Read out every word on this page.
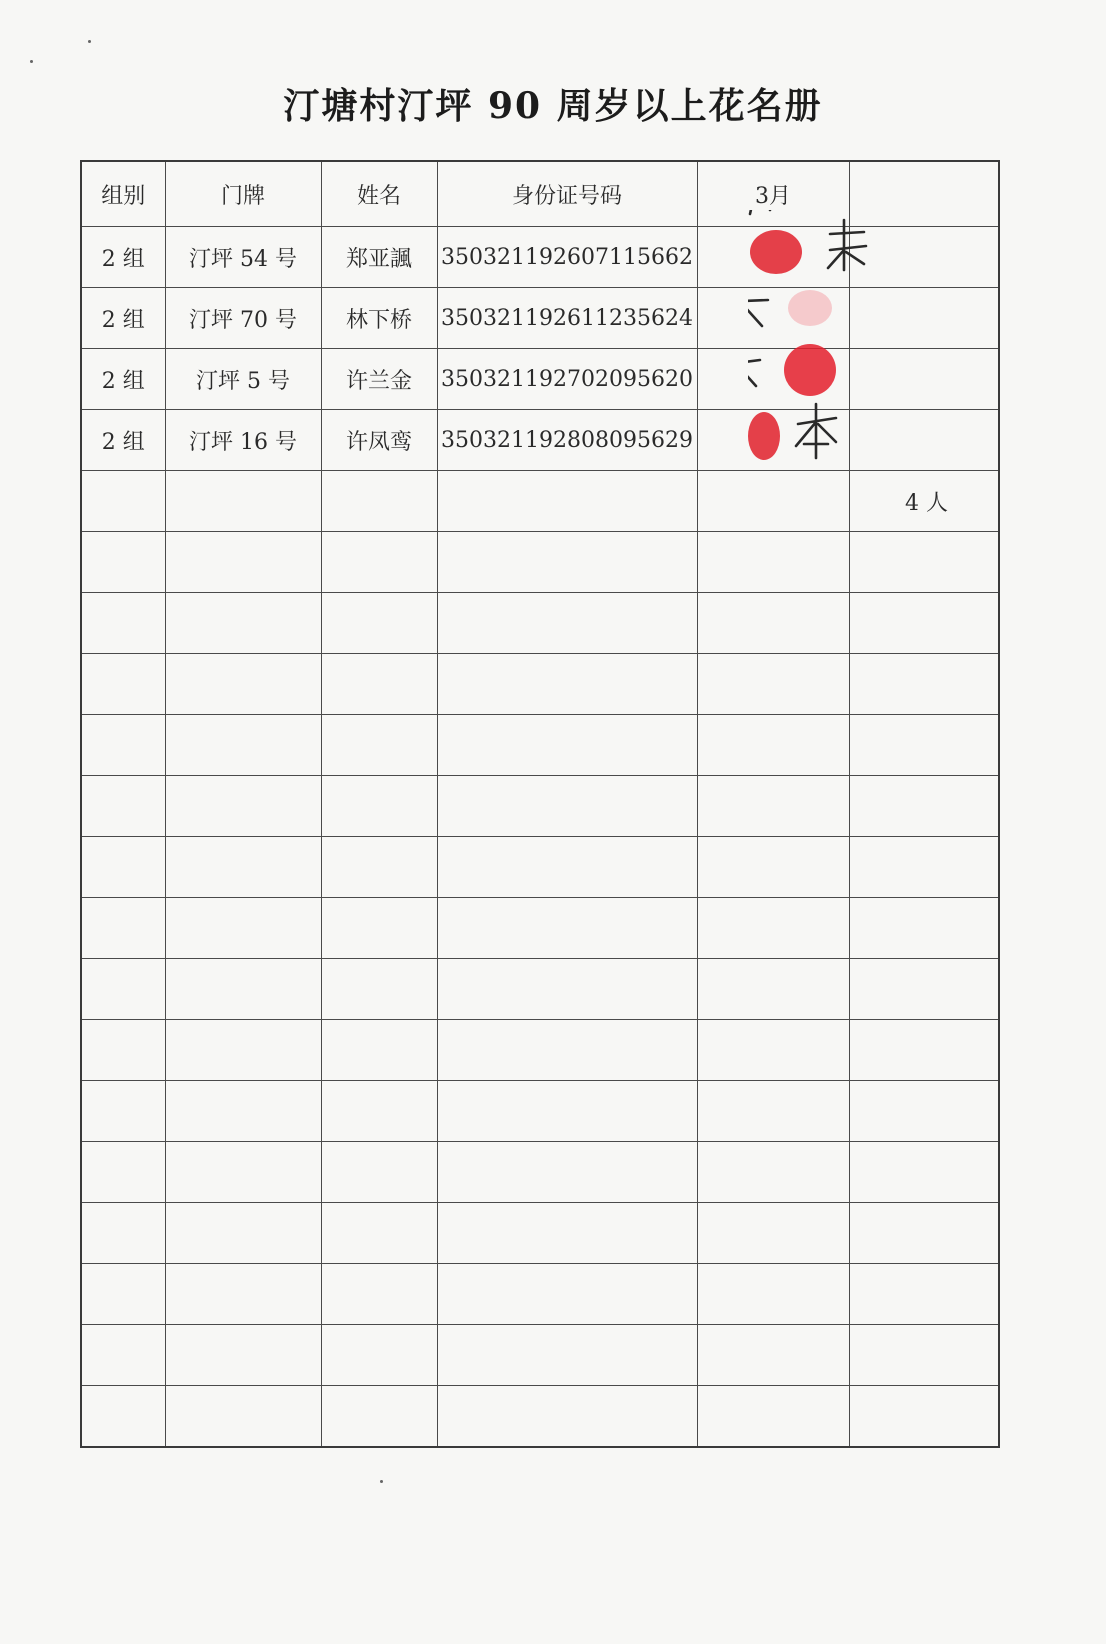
汀塘村汀坪 90 周岁以上花名册
组别	门牌	姓名	身份证号码	3月	
2 组	汀坪 54 号	郑亚諷	350321192607115662		
2 组	汀坪 70 号	林下桥	350321192611235624		
2 组	汀坪 5 号	许兰金	350321192702095620		
2 组	汀坪 16 号	许凤鸾	350321192808095629		
					4 人
